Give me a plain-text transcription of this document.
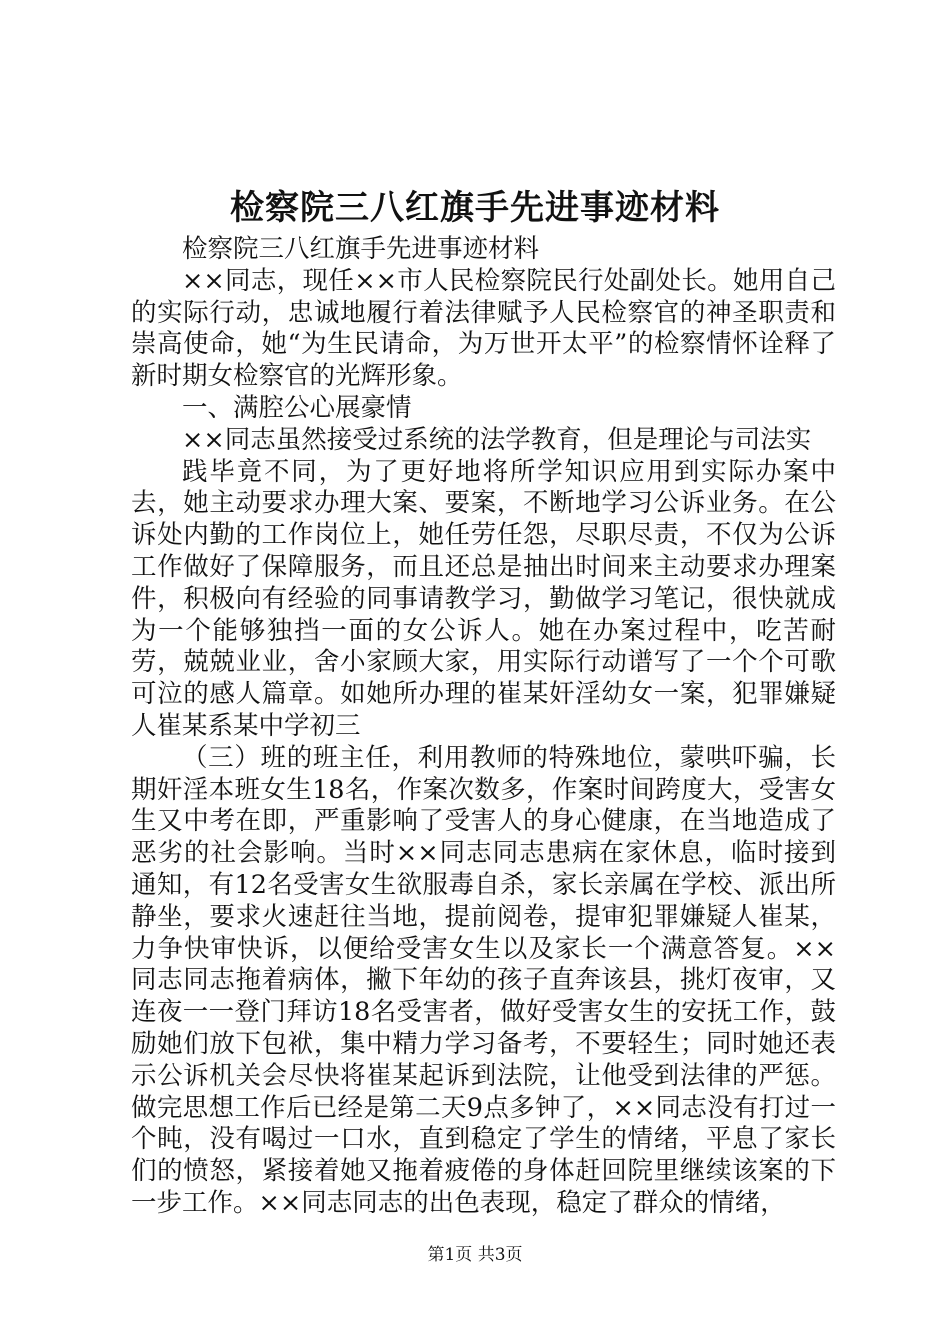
检察院三八红旗手先进事迹材料

检察院三八红旗手先进事迹材料

××同志，现任××市人民检察院民行处副处长。她用自己的实际行动，忠诚地履行着法律赋予人民检察官的神圣职责和崇高使命，她“为生民请命，为万世开太平”的检察情怀诠释了新时期女检察官的光辉形象。

一、满腔公心展豪情

××同志虽然接受过系统的法学教育，但是理论与司法实

践毕竟不同，为了更好地将所学知识应用到实际办案中去，她主动要求办理大案、要案，不断地学习公诉业务。在公诉处内勤的工作岗位上，她任劳任怨，尽职尽责，不仅为公诉工作做好了保障服务，而且还总是抽出时间来主动要求办理案件，积极向有经验的同事请教学习，勤做学习笔记，很快就成为一个能够独挡一面的女公诉人。她在办案过程中，吃苦耐劳，兢兢业业，舍小家顾大家，用实际行动谱写了一个个可歌可泣的感人篇章。如她所办理的崔某奸淫幼女一案，犯罪嫌疑人崔某系某中学初三

（三）班的班主任，利用教师的特殊地位，蒙哄吓骗，长期奸淫本班女生18名，作案次数多，作案时间跨度大，受害女生又中考在即，严重影响了受害人的身心健康，在当地造成了恶劣的社会影响。当时××同志同志患病在家休息，临时接到通知，有12名受害女生欲服毒自杀，家长亲属在学校、派出所静坐，要求火速赶往当地，提前阅卷，提审犯罪嫌疑人崔某，力争快审快诉，以便给受害女生以及家长一个满意答复。××同志同志拖着病体，撇下年幼的孩子直奔该县，挑灯夜审，又连夜一一登门拜访18名受害者，做好受害女生的安抚工作，鼓励她们放下包袱，集中精力学习备考，不要轻生；同时她还表示公诉机关会尽快将崔某起诉到法院，让他受到法律的严惩。做完思想工作后已经是第二天9点多钟了，××同志没有打过一个盹，没有喝过一口水，直到稳定了学生的情绪，平息了家长们的愤怒，紧接着她又拖着疲倦的身体赶回院里继续该案的下一步工作。××同志同志的出色表现，稳定了群众的情绪，

第1页 共3页
